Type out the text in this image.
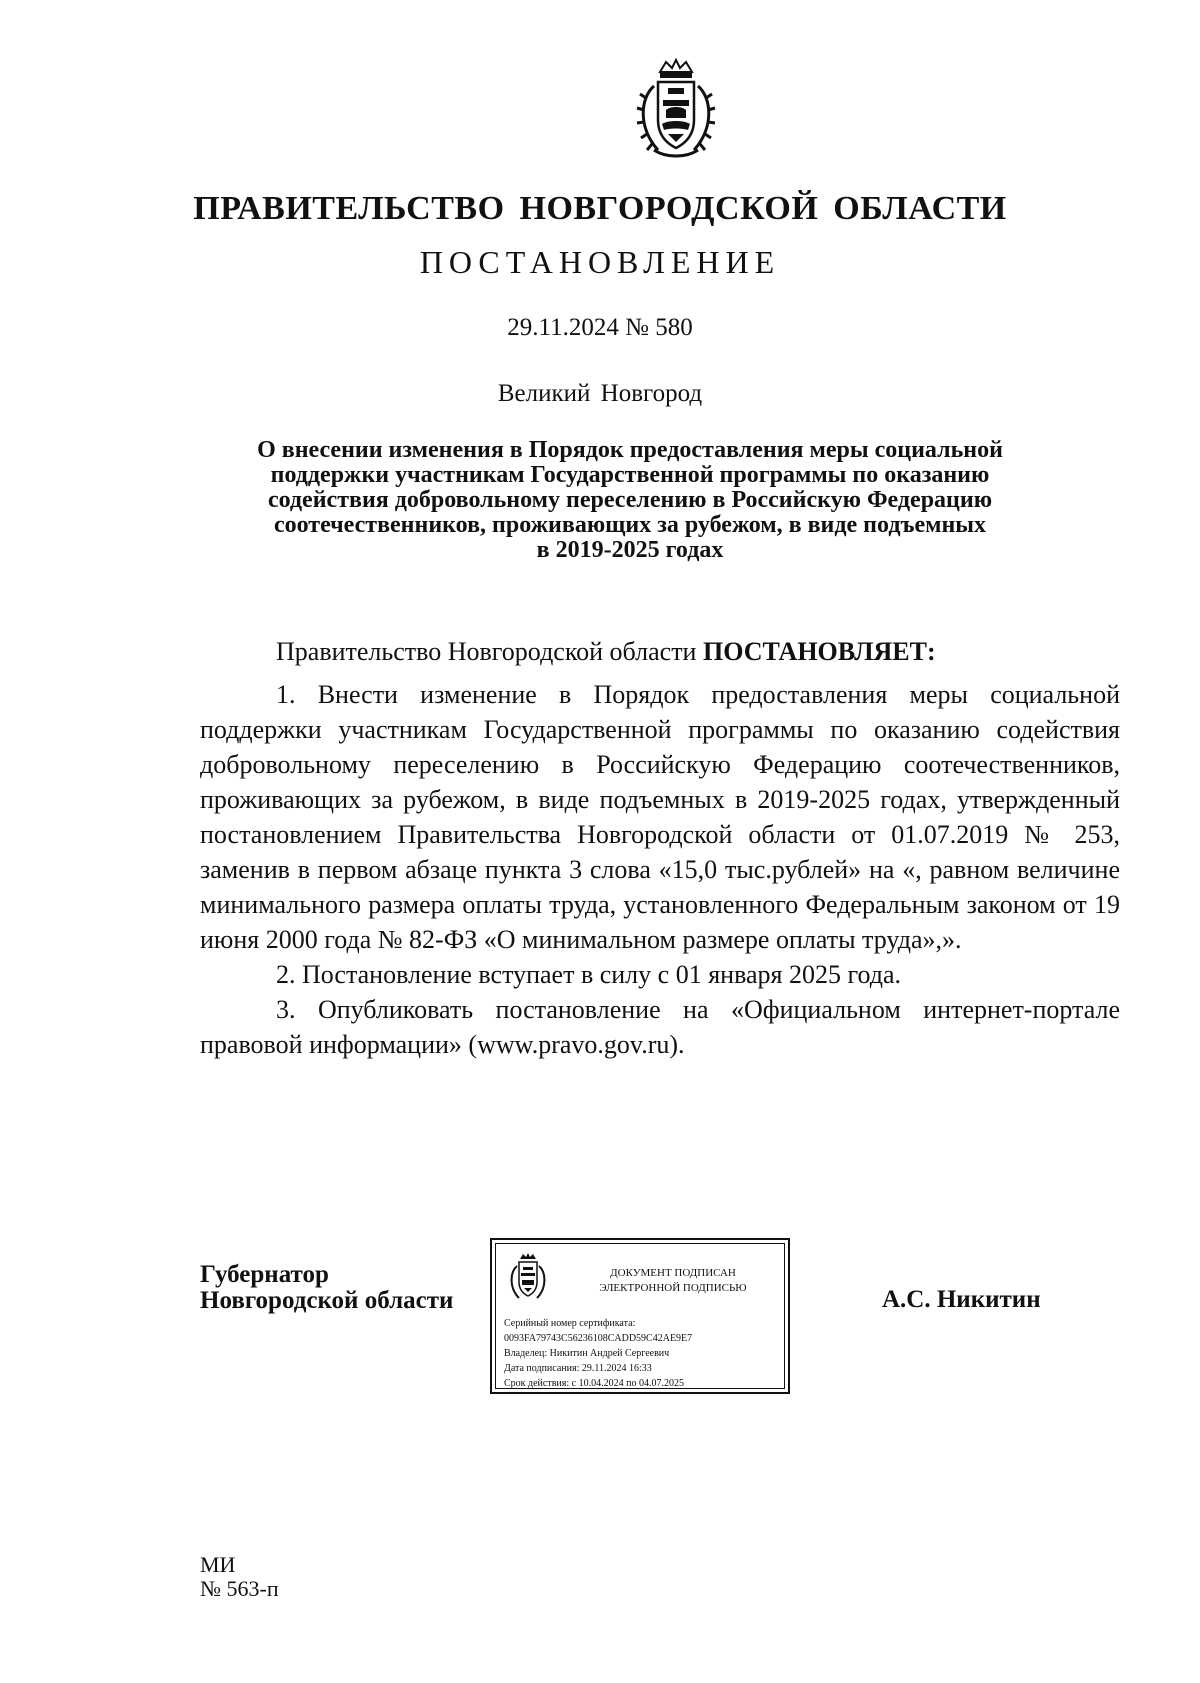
ПРАВИТЕЛЬСТВО НОВГОРОДСКОЙ ОБЛАСТИ
ПОСТАНОВЛЕНИЕ
29.11.2024 № 580
Великий Новгород
О внесении изменения в Порядок предоставления меры социальной
поддержки участникам Государственной программы по оказанию
содействия добровольному переселению в Российскую Федерацию
соотечественников, проживающих за рубежом, в виде подъемных
в 2019-2025 годах

Правительство Новгородской области ПОСТАНОВЛЯЕТ:

1. Внести изменение в Порядок предоставления меры социальной поддержки участникам Государственной программы по оказанию содействия добровольному переселению в Российскую Федерацию соотечественников, проживающих за рубежом, в виде подъемных в 2019-2025 годах, утвержденный постановлением Правительства Новгородской области от 01.07.2019 № 253, заменив в первом абзаце пункта 3 слова «15,0 тыс.рублей» на «, равном величине минимального размера оплаты труда, установленного Федеральным законом от 19 июня 2000 года № 82-ФЗ «О минимальном размере оплаты труда»,».

2. Постановление вступает в силу с 01 января 2025 года.

3. Опубликовать постановление на «Официальном интернет-портале правовой информации» (www.pravo.gov.ru).

Губернатор
Новгородской области
ДОКУМЕНТ ПОДПИСАН
ЭЛЕКТРОННОЙ ПОДПИСЬЮ
Серийный номер сертификата:
0093FA79743C56236108CADD59C42AE9E7
Владелец: Никитин Андрей Сергеевич
Дата подписания: 29.11.2024 16:33
Срок действия: с 10.04.2024 по 04.07.2025
А.С. Никитин
МИ
№ 563-п
